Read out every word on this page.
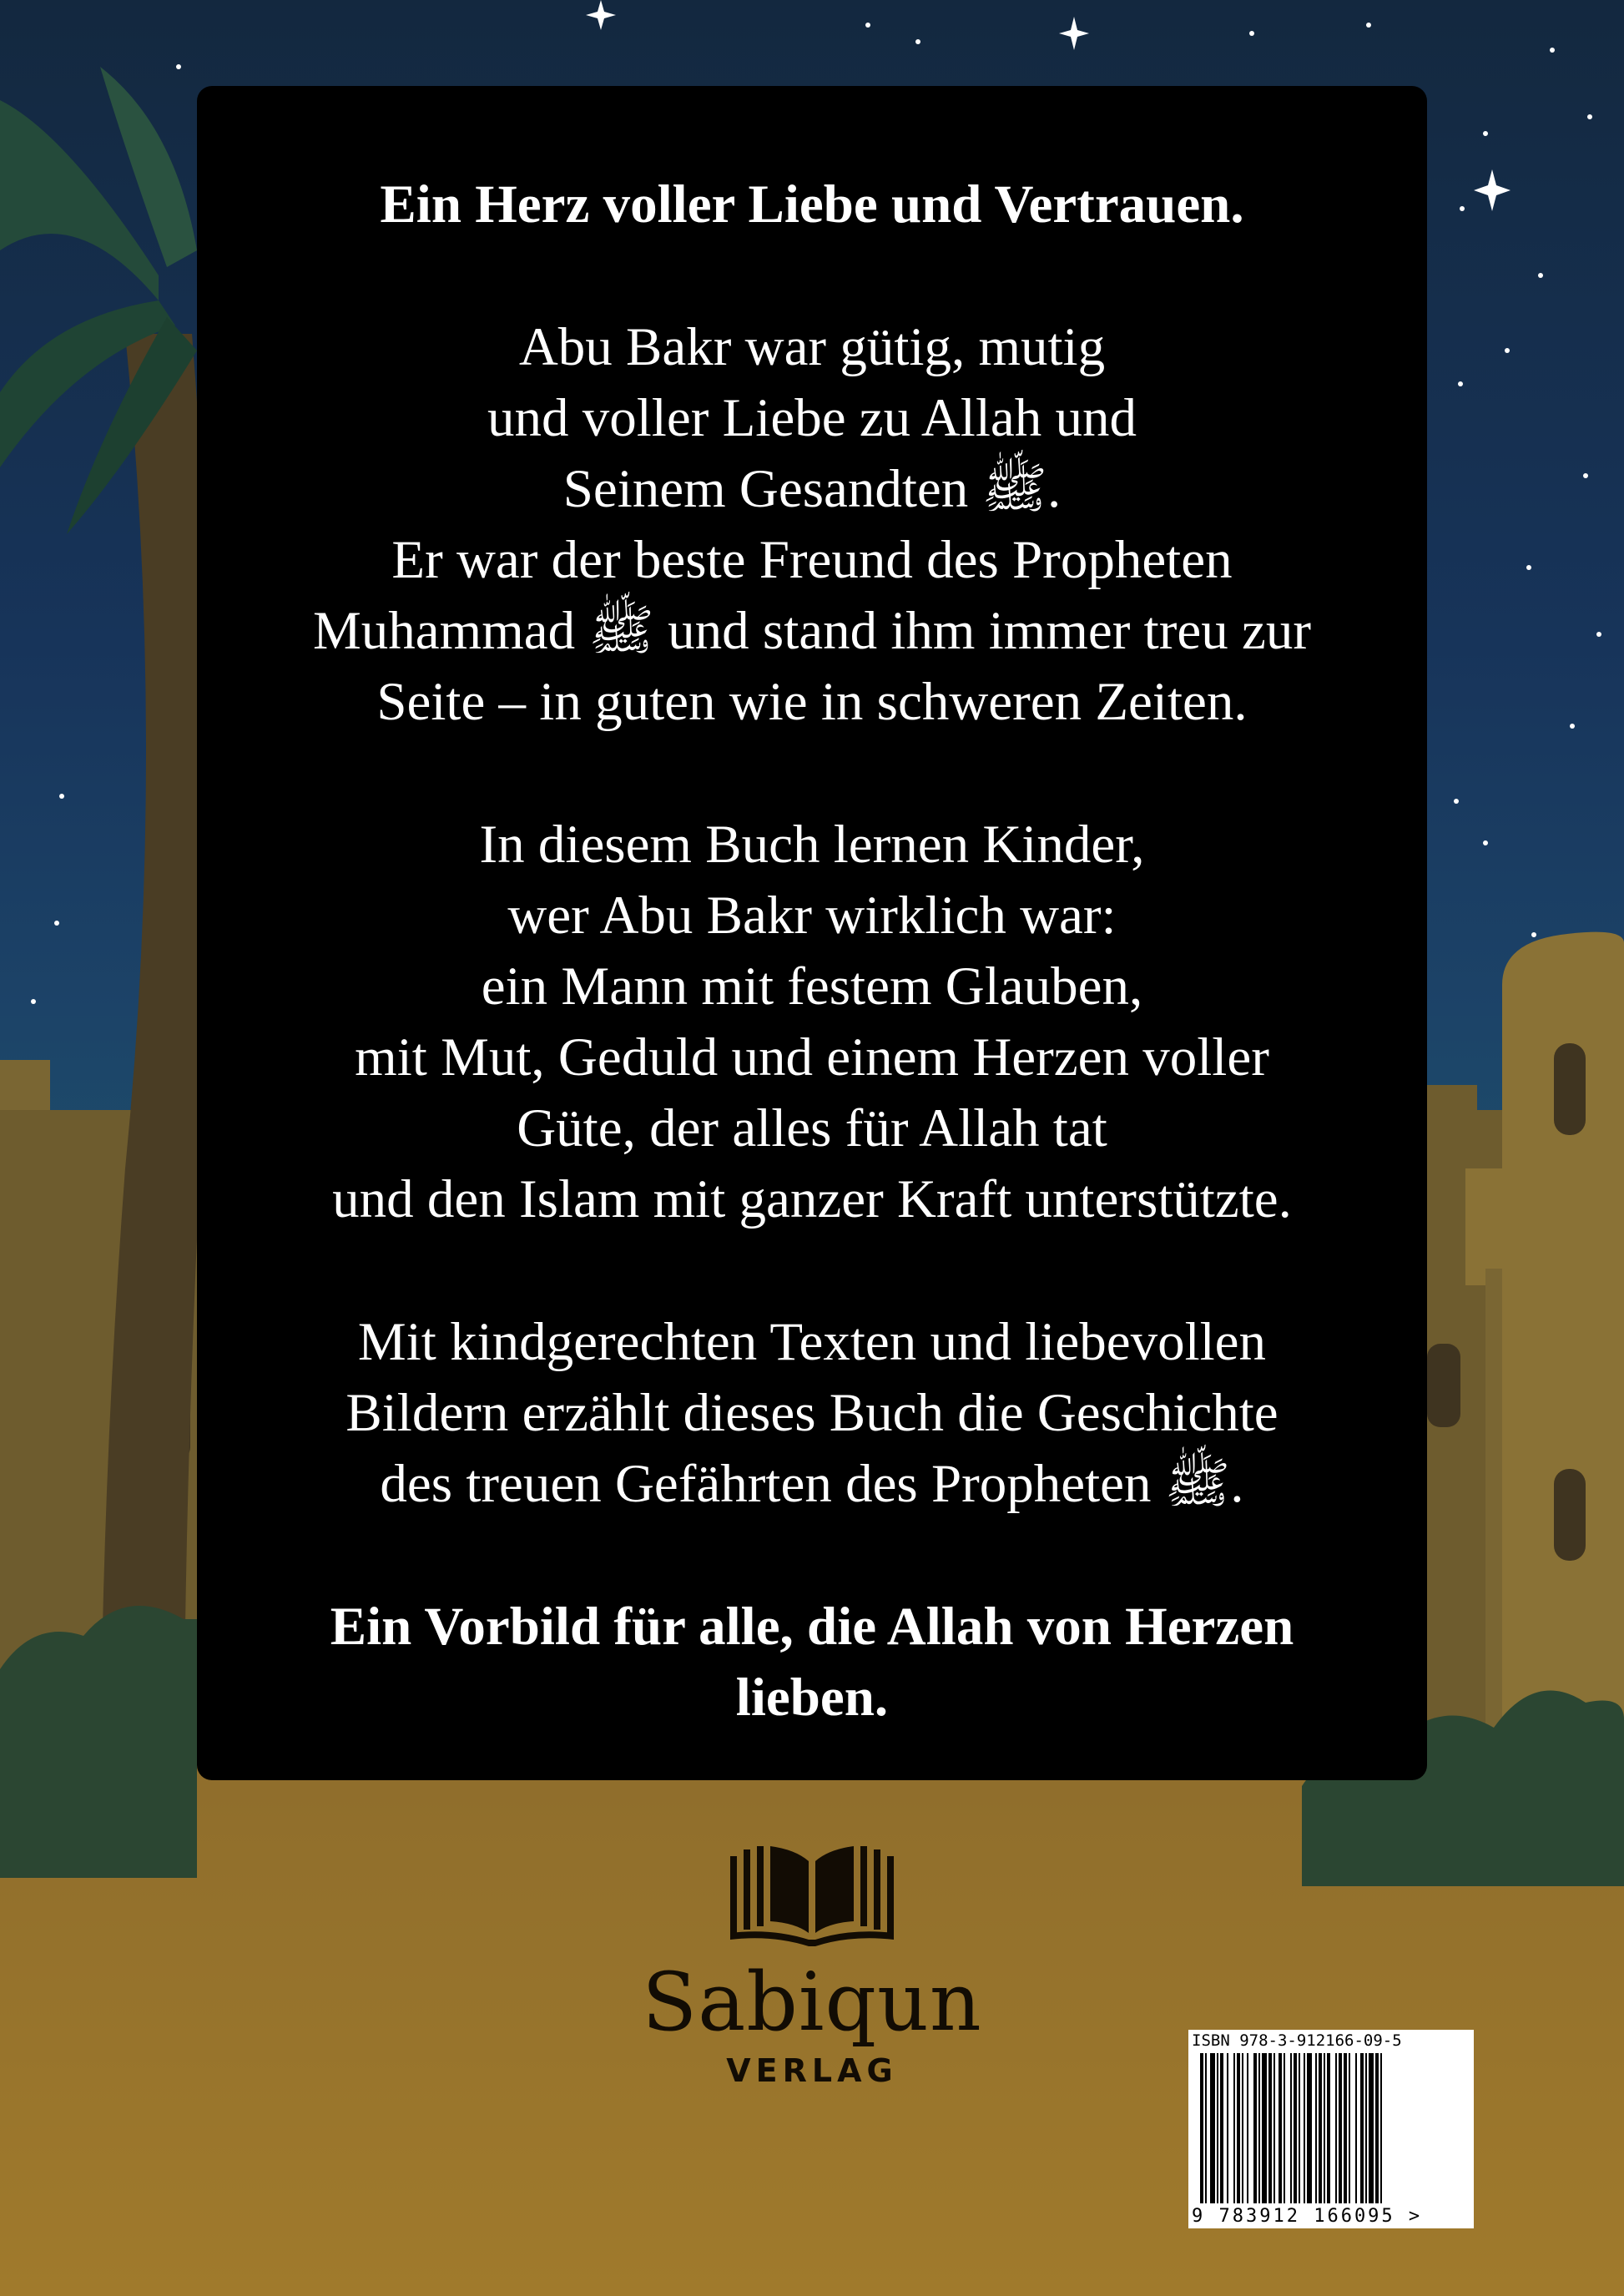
Ein Herz voller Liebe und Vertrauen.
Abu Bakr war gütig, mutig
und voller Liebe zu Allah und
Seinem Gesandten ﷺ.
Er war der beste Freund des Propheten
Muhammad ﷺ und stand ihm immer treu zur
Seite – in guten wie in schweren Zeiten.
In diesem Buch lernen Kinder,
wer Abu Bakr wirklich war:
ein Mann mit festem Glauben,
mit Mut, Geduld und einem Herzen voller
Güte, der alles für Allah tat
und den Islam mit ganzer Kraft unterstützte.
Mit kindgerechten Texten und liebevollen
Bildern erzählt dieses Buch die Geschichte
des treuen Gefährten des Propheten ﷺ.
Ein Vorbild für alle, die Allah von Herzen
lieben.
Sabiqun
VERLAG
ISBN 978-3-912166-09-5
9 783912 166095 >
